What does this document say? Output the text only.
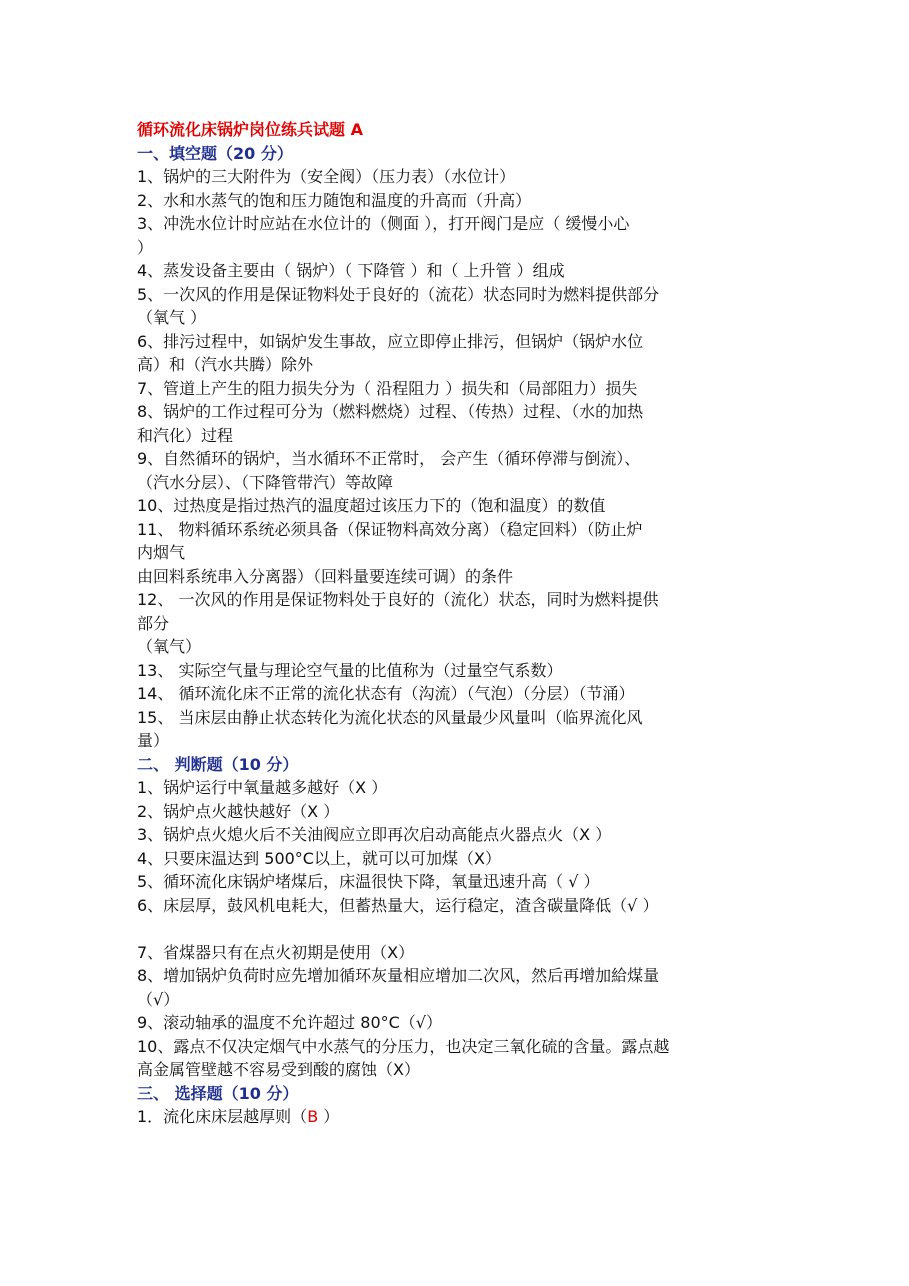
循环流化床锅炉岗位练兵试题 A
一、填空题（20 分）
1、锅炉的三大附件为（安全阀）（压力表）（水位计）
2、水和水蒸气的饱和压力随饱和温度的升高而（升高）
3、冲洗水位计时应站在水位计的（侧面 ），打开阀门是应（ 缓慢小心
）
4、蒸发设备主要由（ 锅炉）（ 下降管 ）和（ 上升管 ）组成
5、一次风的作用是保证物料处于良好的（流花）状态同时为燃料提供部分
（氧气 ）
6、排污过程中，如锅炉发生事故，应立即停止排污，但锅炉（锅炉水位
高）和（汽水共腾）除外
7、管道上产生的阻力损失分为（ 沿程阻力 ）损失和（局部阻力）损失
8、锅炉的工作过程可分为（燃料燃烧）过程、（传热）过程、（水的加热
和汽化）过程
9、自然循环的锅炉，当水循环不正常时， 会产生（循环停滞与倒流）、
（汽水分层）、（下降管带汽）等故障
10、过热度是指过热汽的温度超过该压力下的（饱和温度）的数值
11、 物料循环系统必须具备（保证物料高效分离）（稳定回料）（防止炉
内烟气
由回料系统串入分离器）（回料量要连续可调）的条件
12、 一次风的作用是保证物料处于良好的（流化）状态，同时为燃料提供
部分
（氧气）
13、 实际空气量与理论空气量的比值称为（过量空气系数）
14、 循环流化床不正常的流化状态有（沟流）（气泡）（分层）（节涌）
15、 当床层由静止状态转化为流化状态的风量最少风量叫（临界流化风
量）
二、 判断题（10 分）
1、锅炉运行中氧量越多越好（X ）
2、锅炉点火越快越好（X ）
3、锅炉点火熄火后不关油阀应立即再次启动高能点火器点火（X ）
4、只要床温达到 500°C以上，就可以可加煤（X）
5、循环流化床锅炉堵煤后，床温很快下降，氧量迅速升高（ √ ）
6、床层厚，鼓风机电耗大，但蓄热量大，运行稳定，渣含碳量降低（√ ）
7、省煤器只有在点火初期是使用（X）
8、增加锅炉负荷时应先增加循环灰量相应增加二次风，然后再增加給煤量
（√）
9、滚动轴承的温度不允许超过 80°C（√）
10、露点不仅决定烟气中水蒸气的分压力，也决定三氧化硫的含量。露点越
高金属管壁越不容易受到酸的腐蚀（X）
三、 选择题（10 分）
1．流化床床层越厚则（B ）
